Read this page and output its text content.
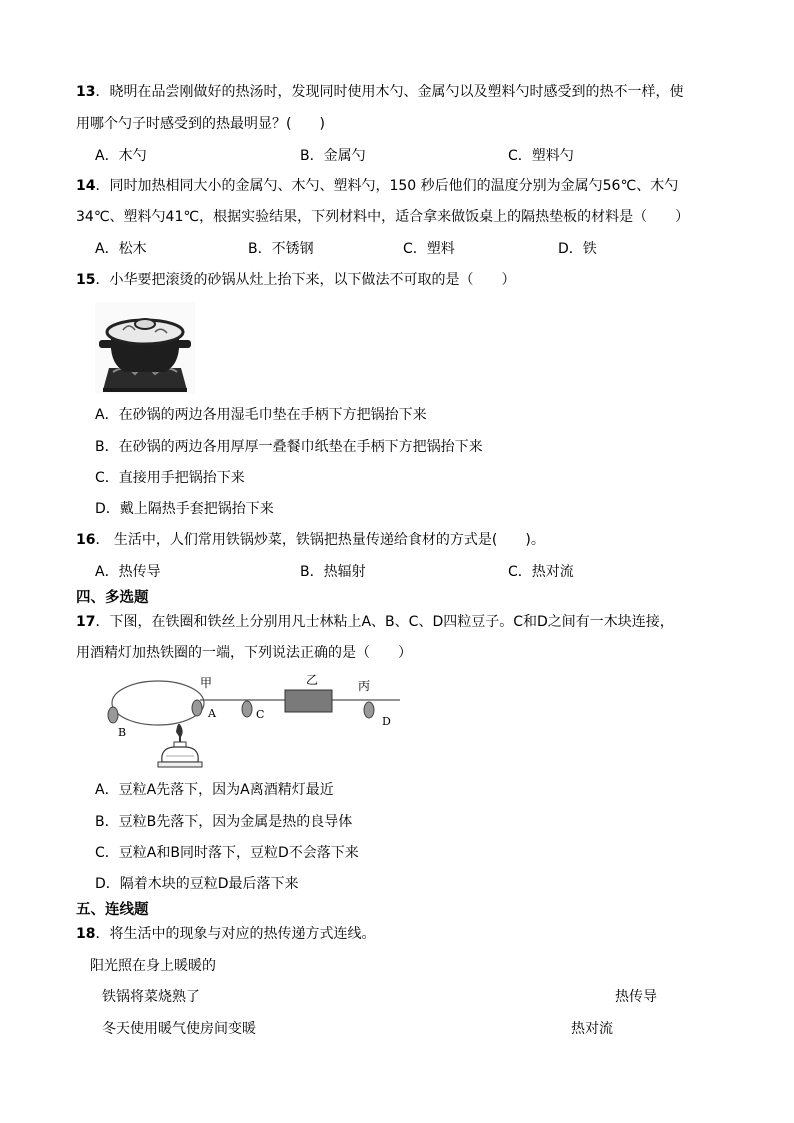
13．晓明在品尝刚做好的热汤时，发现同时使用木勺、金属勺以及塑料勺时感受到的热不一样，使
用哪个勺子时感受到的热最明显？(　　)
A．木勺	B．金属勺	C．塑料勺
14．同时加热相同大小的金属勺、木勺、塑料勺，150 秒后他们的温度分别为金属勺56℃、木勺
34℃、塑料勺41℃，根据实验结果，下列材料中，适合拿来做饭桌上的隔热垫板的材料是（　　）
A．松木	B．不锈钢	C．塑料	D．铁
15．小华要把滚烫的砂锅从灶上抬下来，以下做法不可取的是（　　）
A．在砂锅的两边各用湿毛巾垫在手柄下方把锅抬下来
B．在砂锅的两边各用厚厚一叠餐巾纸垫在手柄下方把锅抬下来
C．直接用手把锅抬下来
D．戴上隔热手套把锅抬下来
16． 生活中，人们常用铁锅炒菜，铁锅把热量传递给食材的方式是(　　)。
A．热传导	B．热辐射	C．热对流
四、多选题
17．下图，在铁圈和铁丝上分别用凡士林粘上A、B、C、D四粒豆子。C和D之间有一木块连接，
用酒精灯加热铁圈的一端，下列说法正确的是（　　）
甲	乙	丙
A
B
C
D
A．豆粒A先落下，因为A离酒精灯最近
B．豆粒B先落下，因为金属是热的良导体
C．豆粒A和B同时落下，豆粒D不会落下来
D．隔着木块的豆粒D最后落下来
五、连线题
18．将生活中的现象与对应的热传递方式连线。
阳光照在身上暖暖的
铁锅将菜烧熟了
冬天使用暖气使房间变暖
热传导
热对流
